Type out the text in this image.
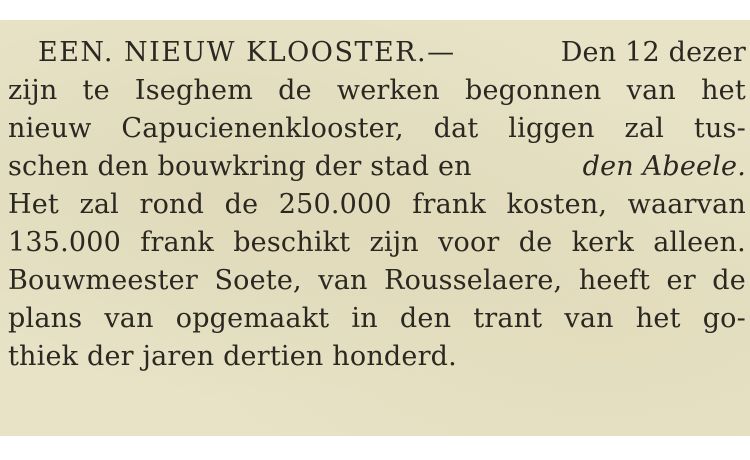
EEN. NIEUW KLOOSTER.—	Den 12 dezer
zijn te Iseghem de werken begonnen van het
nieuw Capucienenklooster, dat liggen zal tus-
schen den bouwkring der stad en	den Abeele.
Het zal rond de 250.000 frank kosten, waarvan
135.000 frank beschikt zijn voor de kerk alleen.
Bouwmeester Soete, van Rousselaere, heeft er de
plans van opgemaakt in den trant van het go-
thiek der jaren dertien honderd.
